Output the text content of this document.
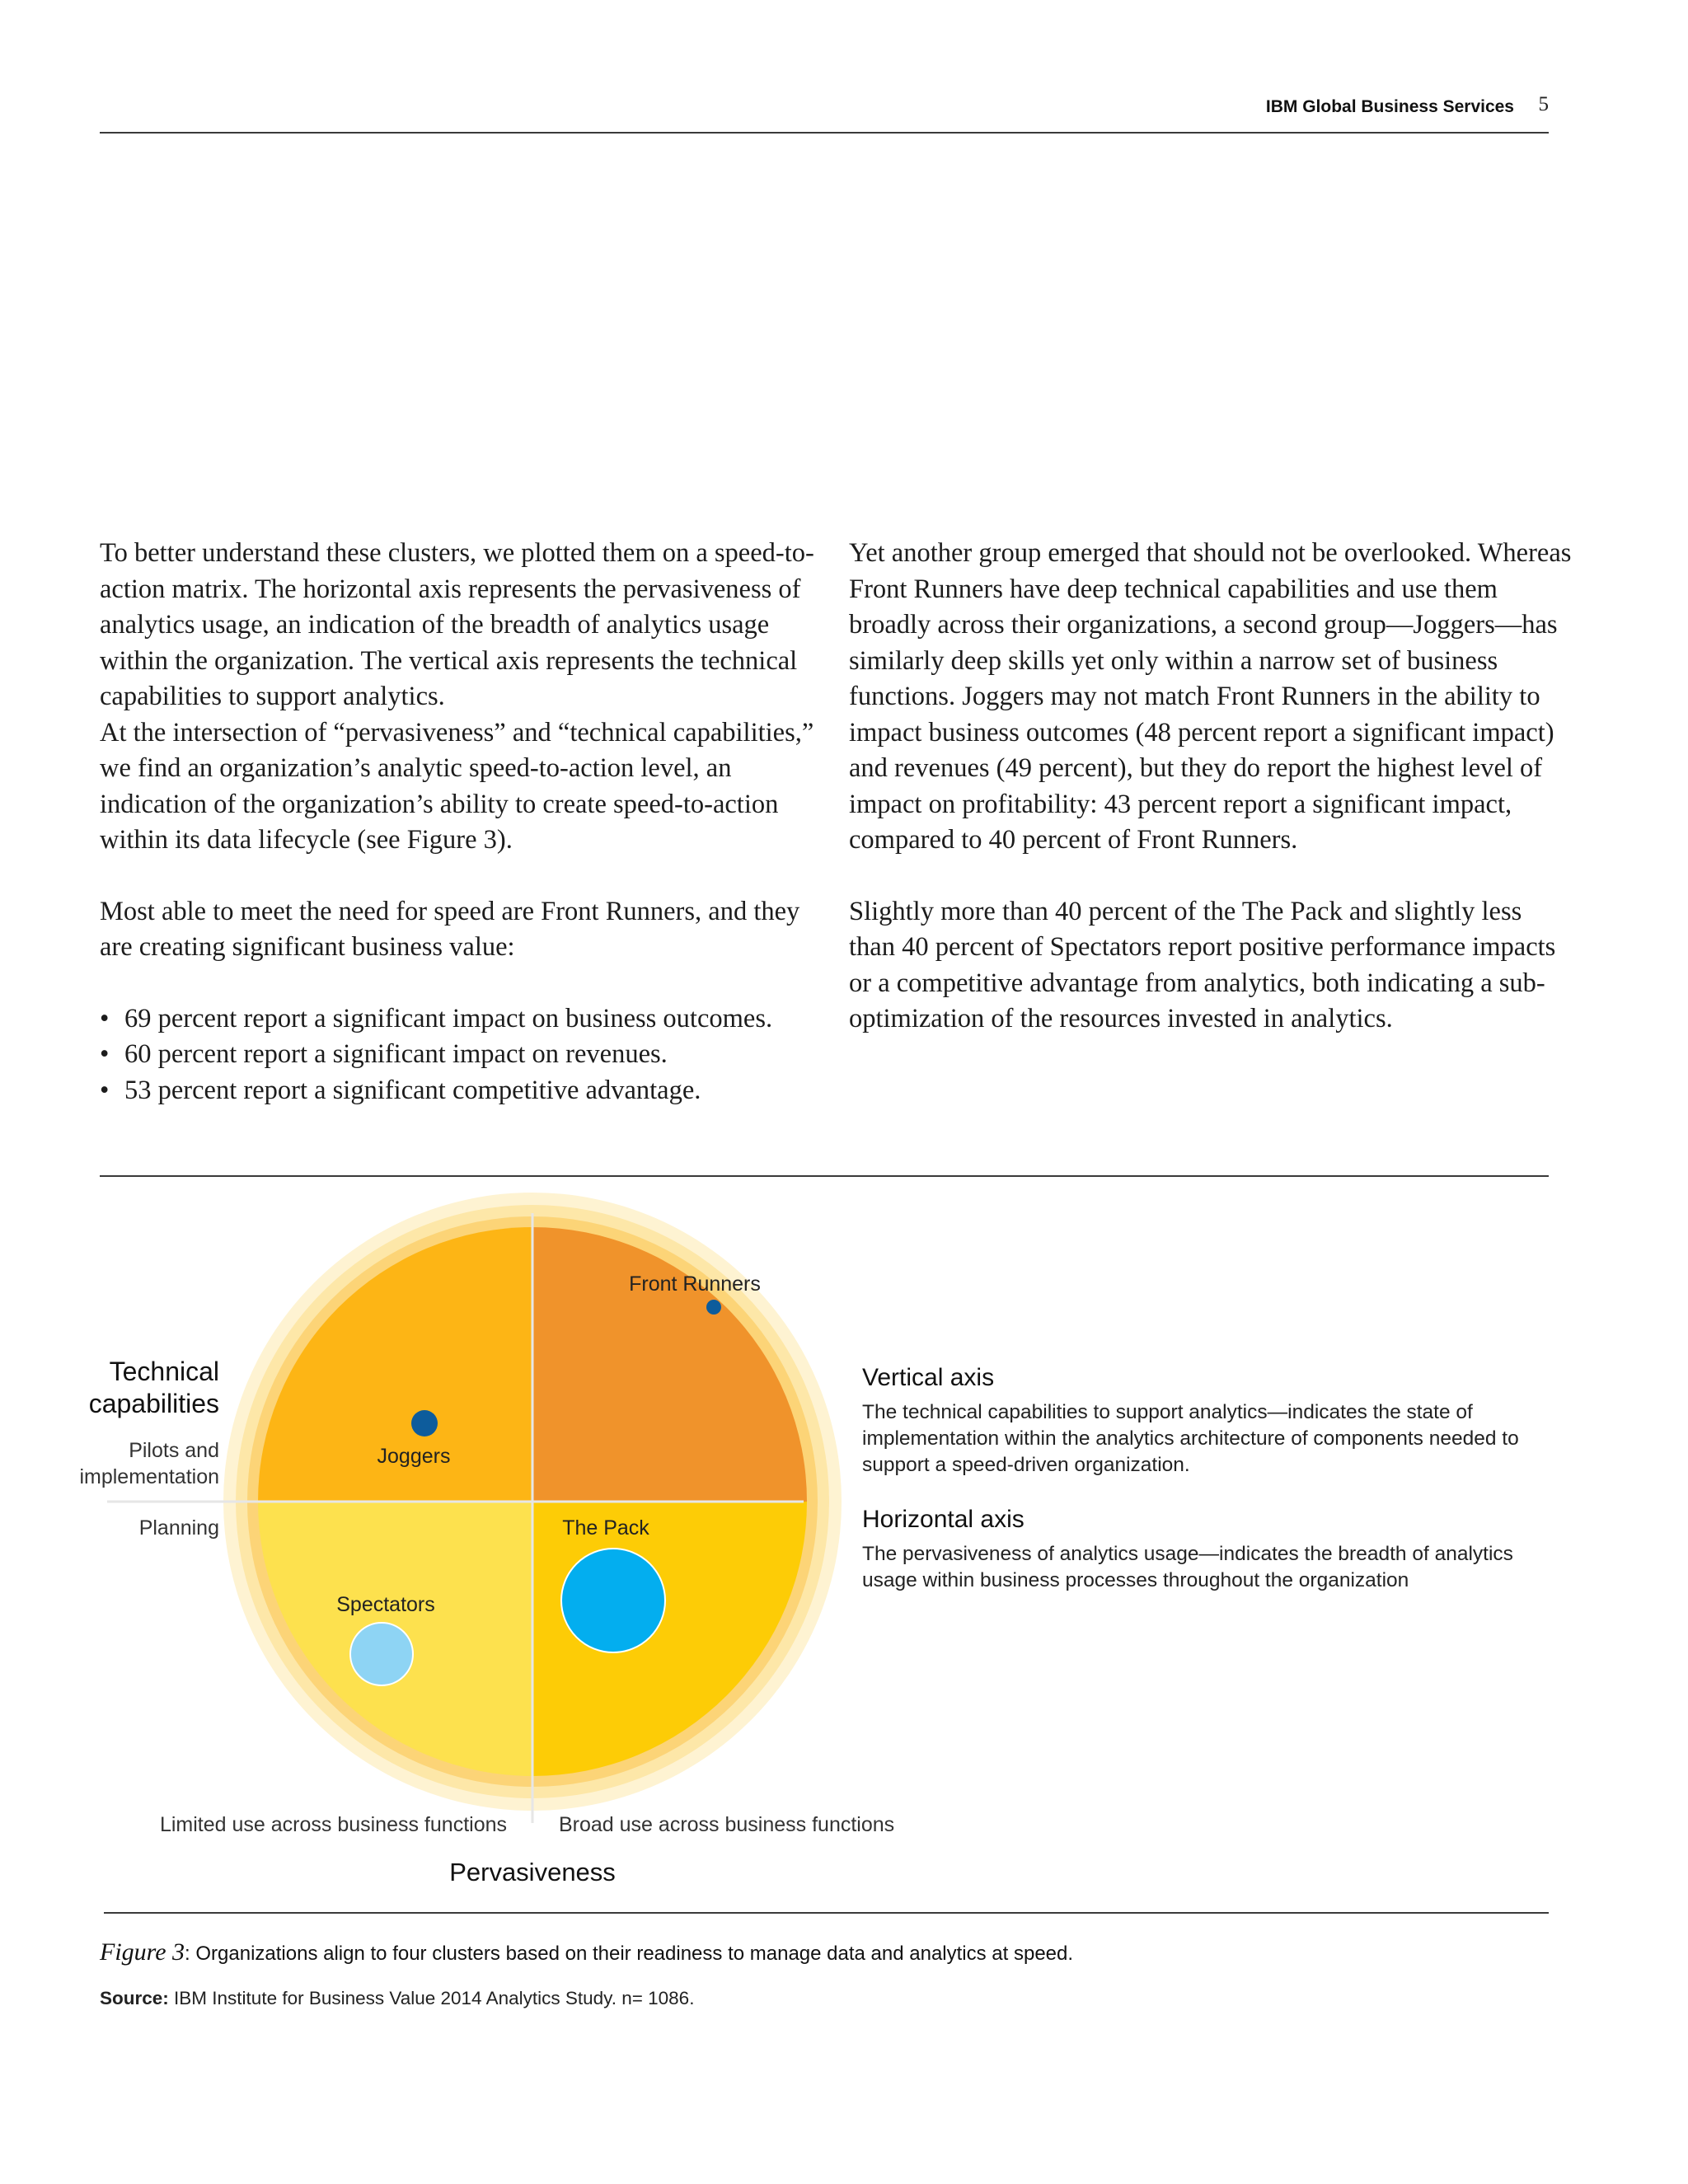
IBM Global Business Services 5

To better understand these clusters, we plotted them on a speed-to-action matrix. The horizontal axis represents the pervasiveness of analytics usage, an indication of the breadth of analytics usage within the organization. The vertical axis represents the technical capabilities to support analytics.

At the intersection of “pervasiveness” and “technical capabilities,” we find an organization’s analytic speed-to-action level, an indication of the organization’s ability to create speed-to-action within its data lifecycle (see Figure 3).

Most able to meet the need for speed are Front Runners, and they are creating significant business value:

• 69 percent report a significant impact on business outcomes.
• 60 percent report a significant impact on revenues.
• 53 percent report a significant competitive advantage.

Yet another group emerged that should not be overlooked. Whereas Front Runners have deep technical capabilities and use them broadly across their organizations, a second group—Joggers—has similarly deep skills yet only within a narrow set of business functions. Joggers may not match Front Runners in the ability to impact business outcomes (48 percent report a significant impact) and revenues (49 percent), but they do report the highest level of impact on profitability: 43 percent report a significant impact, compared to 40 percent of Front Runners.

Slightly more than 40 percent of the The Pack and slightly less than 40 percent of Spectators report positive performance impacts or a competitive advantage from analytics, both indicating a sub-optimization of the resources invested in analytics.

Front Runners
Joggers
The Pack
Spectators
Technical
capabilities
Pilots and
implementation
Planning
Limited use across business functions	Broad use across business functions
Pervasiveness
Vertical axis
The technical capabilities to support analytics—indicates the state of implementation within the analytics architecture of components needed to support a speed-driven organization.
Horizontal axis
The pervasiveness of analytics usage—indicates the breadth of analytics usage within business processes throughout the organization
Figure 3: Organizations align to four clusters based on their readiness to manage data and analytics at speed.
Source: IBM Institute for Business Value 2014 Analytics Study. n= 1086.
